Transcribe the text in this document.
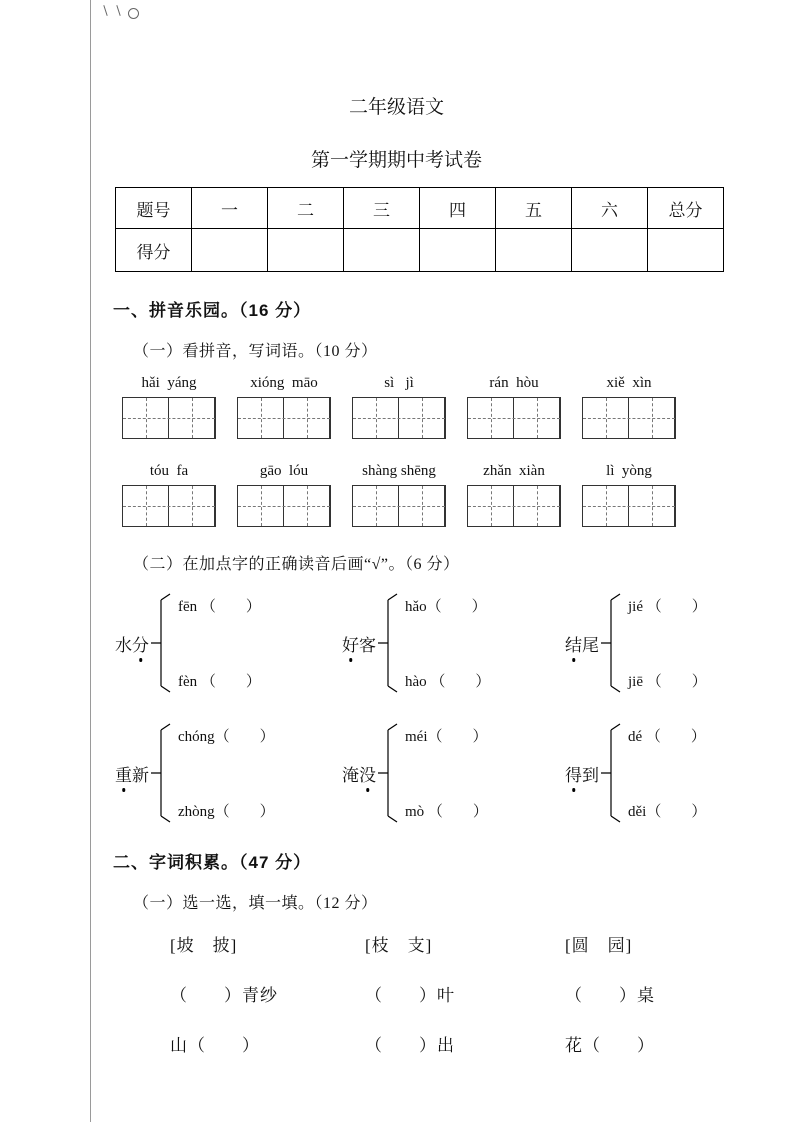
二年级语文
第一学期期中考试卷
题号	一	二	三	四	五	六	总分
得分							
一、拼音乐园。（16 分）
（一）看拼音，写词语。（10 分）
hǎi  yáng	xióng  māo	sì   jì	rán  hòu	xiě  xìn
tóu  fa	gāo  lóu	shàng shēng	zhǎn  xiàn	lì  yòng
（二）在加点字的正确读音后画“√”。（6 分）
水 分
fēn （　　）
fèn （　　）
好 客
hǎo（　　）
hào （　　）
结 尾
jié （　　）
jiē （　　）
重 新
chóng（　　）
zhòng（　　）
淹 没
méi（　　）
mò （　　）
得 到
dé （　　）
děi（　　）
二、字词积累。（47 分）
（一）选一选，填一填。（12 分）
[坡　披]
（　　）青纱
山（　　）
[枝　支]
（　　）叶
（　　）出
[圆　园]
（　　）桌
花（　　）
